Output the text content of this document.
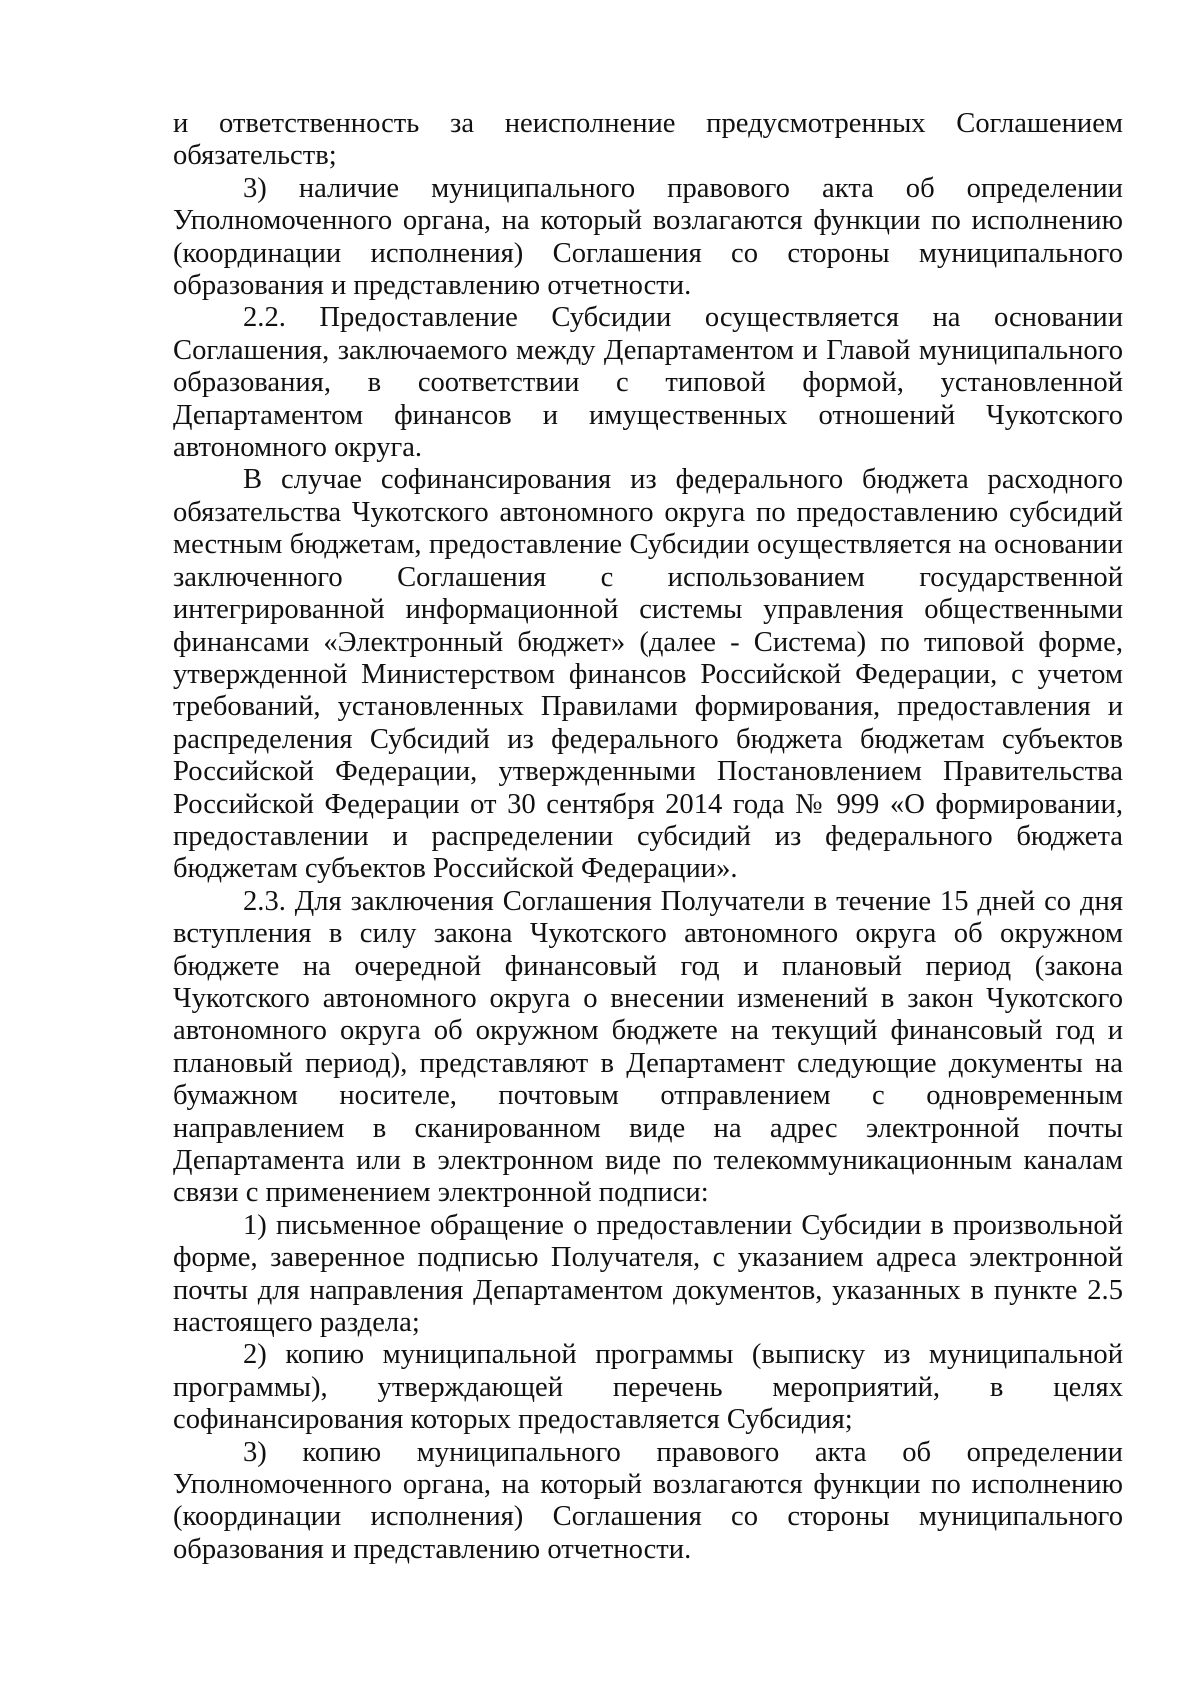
и ответственность за неисполнение предусмотренных Соглашением обязательств;

3) наличие муниципального правового акта об определении Уполномоченного органа, на который возлагаются функции по исполнению (координации исполнения) Соглашения со стороны муниципального образования и представлению отчетности.

2.2. Предоставление Субсидии осуществляется на основании Соглашения, заключаемого между Департаментом и Главой муниципального образования, в соответствии с типовой формой, установленной Департаментом финансов и имущественных отношений Чукотского автономного округа.

В случае софинансирования из федерального бюджета расходного обязательства Чукотского автономного округа по предоставлению субсидий местным бюджетам, предоставление Субсидии осуществляется на основании заключенного Соглашения с использованием государственной интегрированной информационной системы управления общественными финансами «Электронный бюджет» (далее - Система) по типовой форме, утвержденной Министерством финансов Российской Федерации, с учетом требований, установленных Правилами формирования, предоставления и распределения Субсидий из федерального бюджета бюджетам субъектов Российской Федерации, утвержденными Постановлением Правительства Российской Федерации от 30 сентября 2014 года № 999 «О формировании, предоставлении и распределении субсидий из федерального бюджета бюджетам субъектов Российской Федерации».

2.3. Для заключения Соглашения Получатели в течение 15 дней со дня вступления в силу закона Чукотского автономного округа об окружном бюджете на очередной финансовый год и плановый период (закона Чукотского автономного округа о внесении изменений в закон Чукотского автономного округа об окружном бюджете на текущий финансовый год и плановый период), представляют в Департамент следующие документы на бумажном носителе, почтовым отправлением с одновременным направлением в сканированном виде на адрес электронной почты Департамента или в электронном виде по телекоммуникационным каналам связи с применением электронной подписи:

1) письменное обращение о предоставлении Субсидии в произвольной форме, заверенное подписью Получателя, с указанием адреса электронной почты для направления Департаментом документов, указанных в пункте 2.5 настоящего раздела;

2) копию муниципальной программы (выписку из муниципальной программы), утверждающей перечень мероприятий, в целях софинансирования которых предоставляется Субсидия;

3) копию муниципального правового акта об определении Уполномоченного органа, на который возлагаются функции по исполнению (координации исполнения) Соглашения со стороны муниципального образования и представлению отчетности.
